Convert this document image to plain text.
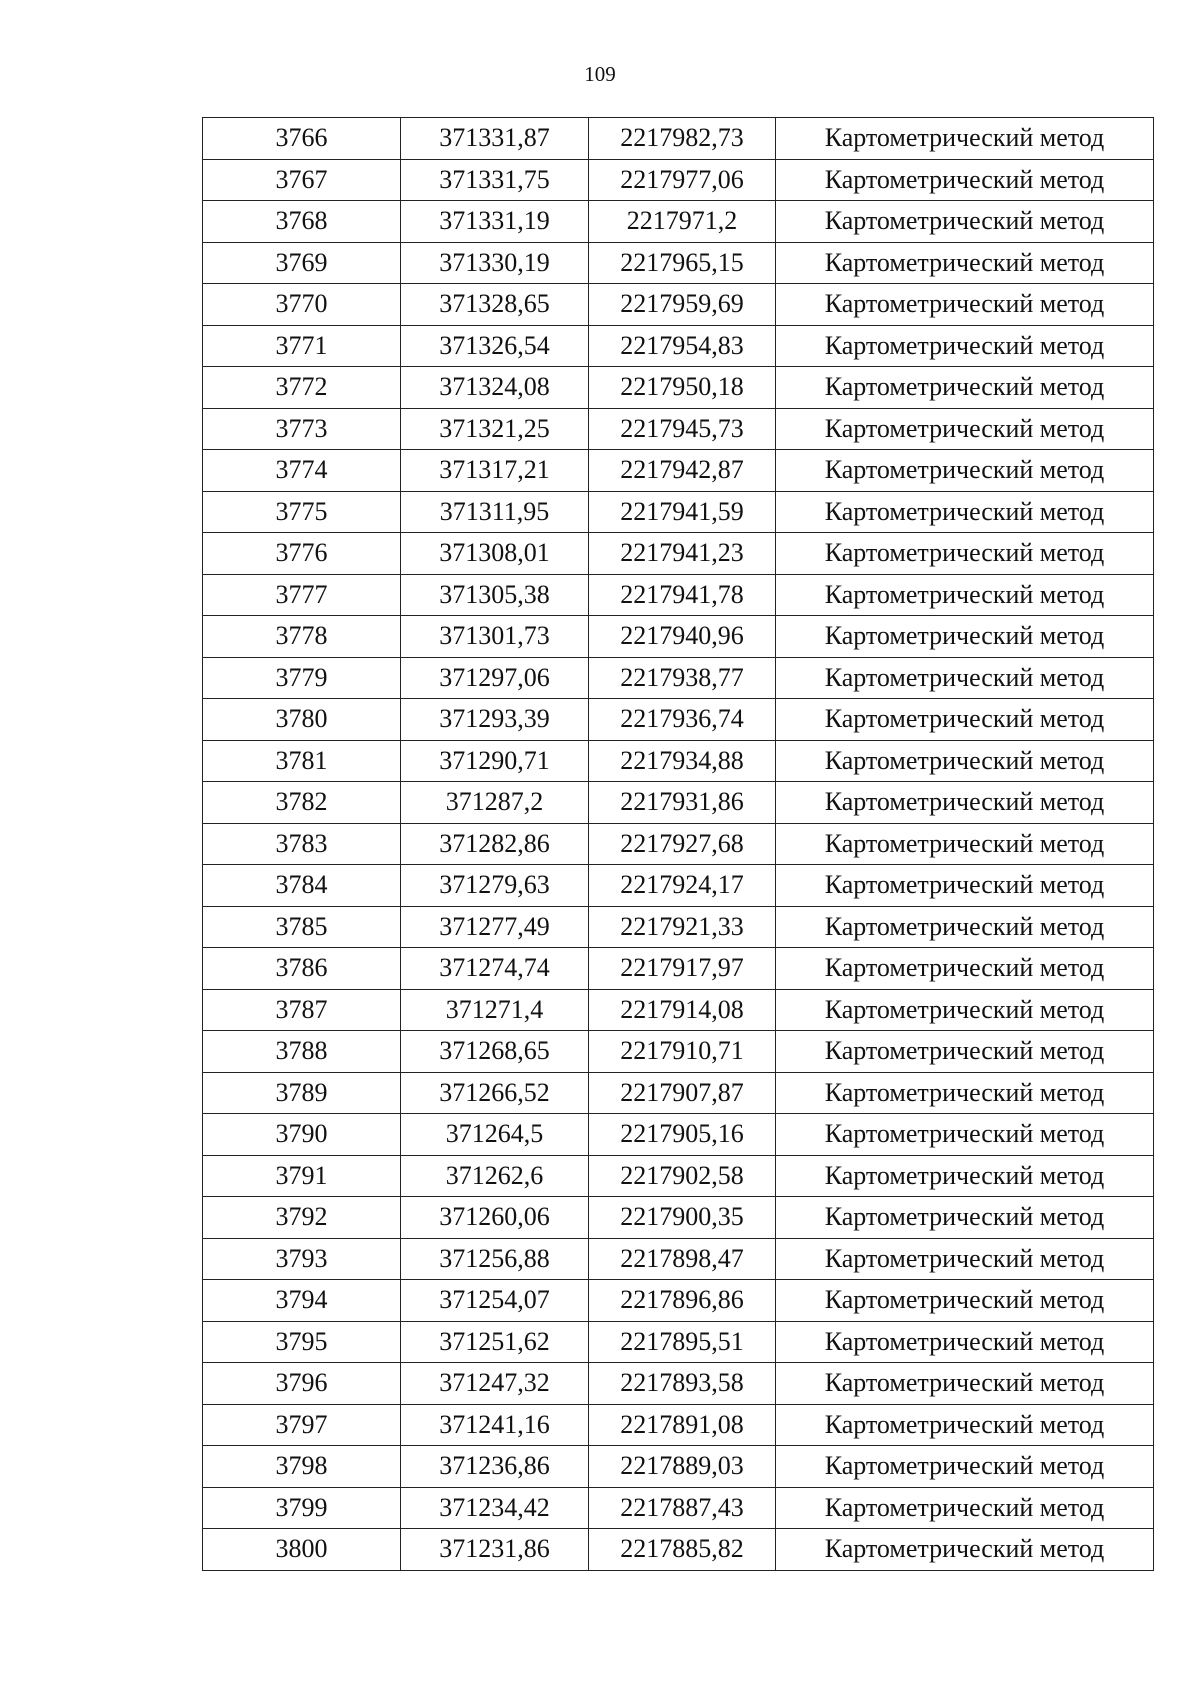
109
3766	371331,87	2217982,73	Картометрический метод
3767	371331,75	2217977,06	Картометрический метод
3768	371331,19	2217971,2	Картометрический метод
3769	371330,19	2217965,15	Картометрический метод
3770	371328,65	2217959,69	Картометрический метод
3771	371326,54	2217954,83	Картометрический метод
3772	371324,08	2217950,18	Картометрический метод
3773	371321,25	2217945,73	Картометрический метод
3774	371317,21	2217942,87	Картометрический метод
3775	371311,95	2217941,59	Картометрический метод
3776	371308,01	2217941,23	Картометрический метод
3777	371305,38	2217941,78	Картометрический метод
3778	371301,73	2217940,96	Картометрический метод
3779	371297,06	2217938,77	Картометрический метод
3780	371293,39	2217936,74	Картометрический метод
3781	371290,71	2217934,88	Картометрический метод
3782	371287,2	2217931,86	Картометрический метод
3783	371282,86	2217927,68	Картометрический метод
3784	371279,63	2217924,17	Картометрический метод
3785	371277,49	2217921,33	Картометрический метод
3786	371274,74	2217917,97	Картометрический метод
3787	371271,4	2217914,08	Картометрический метод
3788	371268,65	2217910,71	Картометрический метод
3789	371266,52	2217907,87	Картометрический метод
3790	371264,5	2217905,16	Картометрический метод
3791	371262,6	2217902,58	Картометрический метод
3792	371260,06	2217900,35	Картометрический метод
3793	371256,88	2217898,47	Картометрический метод
3794	371254,07	2217896,86	Картометрический метод
3795	371251,62	2217895,51	Картометрический метод
3796	371247,32	2217893,58	Картометрический метод
3797	371241,16	2217891,08	Картометрический метод
3798	371236,86	2217889,03	Картометрический метод
3799	371234,42	2217887,43	Картометрический метод
3800	371231,86	2217885,82	Картометрический метод
